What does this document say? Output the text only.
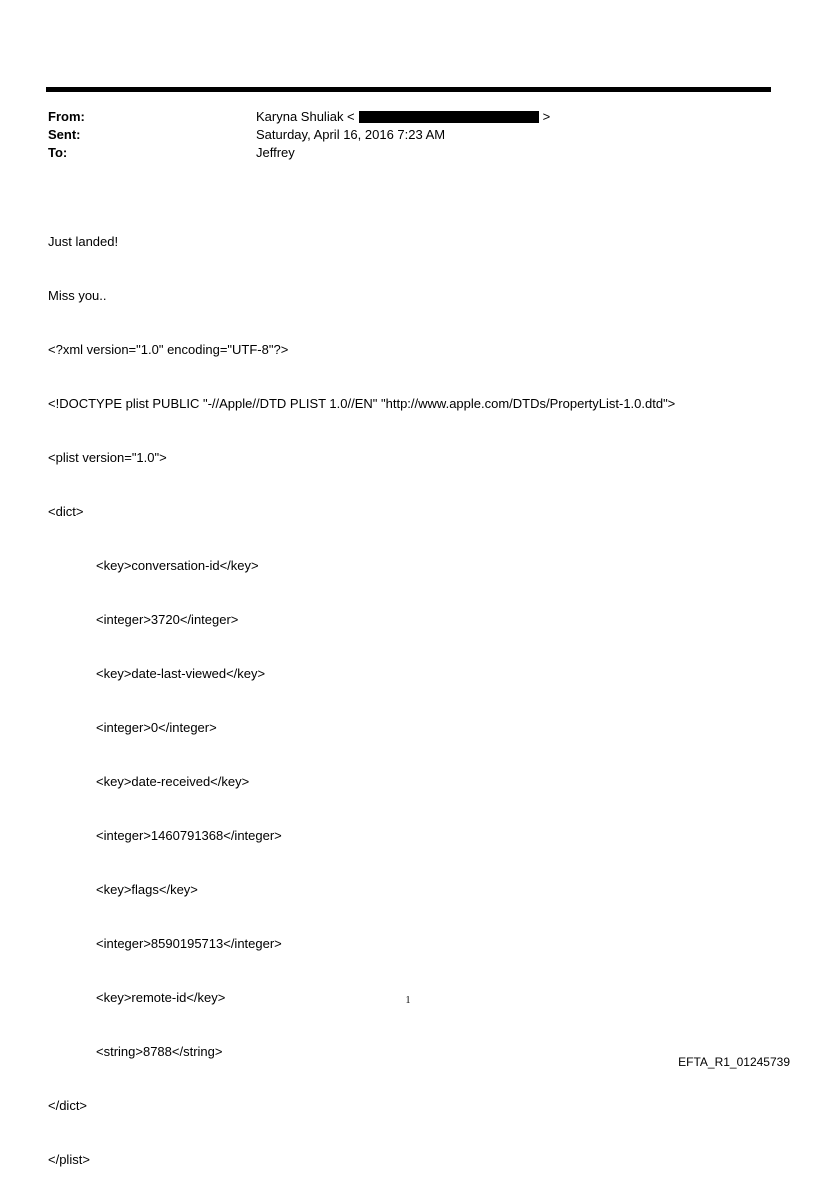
From:	Karyna Shuliak <	>
Sent:	Saturday, April 16, 2016 7:23 AM
To:	Jeffrey

Just landed!

Miss you..

<?xml version="1.0" encoding="UTF-8"?>

<!DOCTYPE plist PUBLIC "-//Apple//DTD PLIST 1.0//EN" "http://www.apple.com/DTDs/PropertyList-1.0.dtd">

<plist version="1.0">

<dict>

<key>conversation-id</key>

<integer>3720</integer>

<key>date-last-viewed</key>

<integer>0</integer>

<key>date-received</key>

<integer>1460791368</integer>

<key>flags</key>

<integer>8590195713</integer>

<key>remote-id</key>

<string>8788</string>

</dict>

</plist>

1
EFTA_R1_01245739
